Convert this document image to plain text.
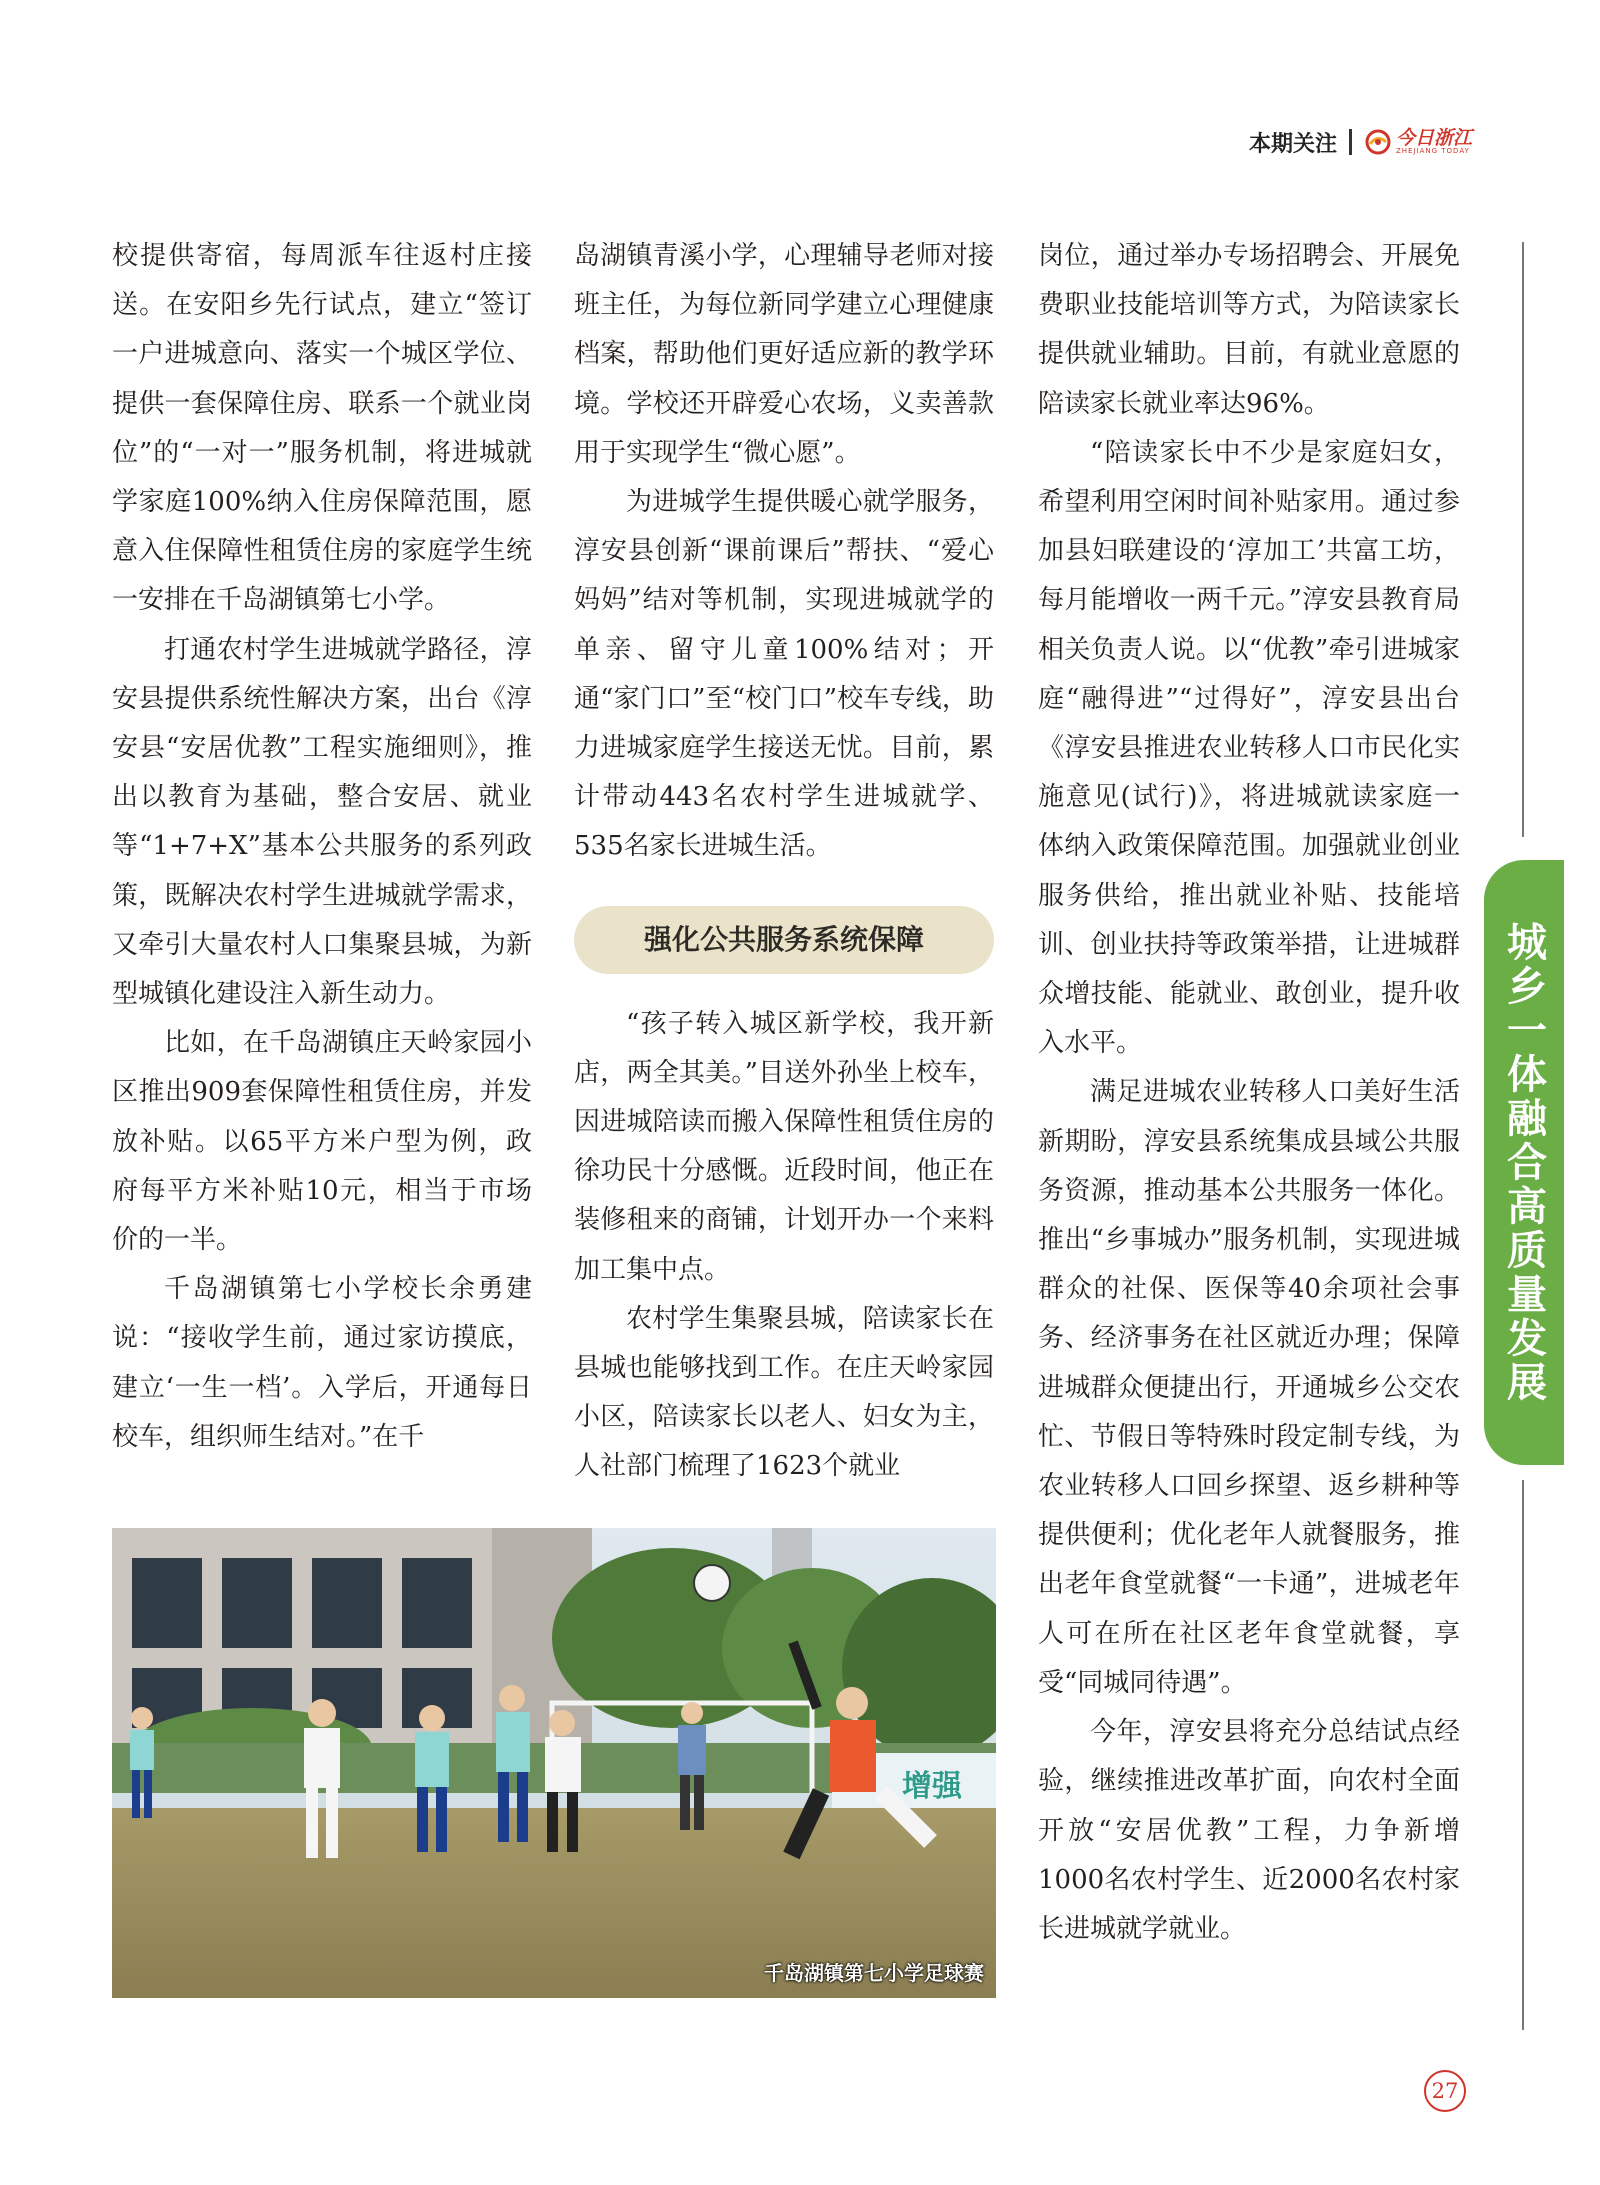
本期关注	今日浙江
ZHEJIANG TODAY

校提供寄宿，每周派车往返村庄接送。在安阳乡先行试点，建立“签订一户进城意向、落实一个城区学位、提供一套保障住房、联系一个就业岗位”的“一对一”服务机制，将进城就学家庭100%纳入住房保障范围，愿意入住保障性租赁住房的家庭学生统一安排在千岛湖镇第七小学。

打通农村学生进城就学路径，淳安县提供系统性解决方案，出台《淳安县“安居优教”工程实施细则》，推出以教育为基础，整合安居、就业等“1+7+X”基本公共服务的系列政策，既解决农村学生进城就学需求，又牵引大量农村人口集聚县城，为新型城镇化建设注入新生动力。

比如，在千岛湖镇庄天岭家园小区推出909套保障性租赁住房，并发放补贴。以65平方米户型为例，政府每平方米补贴10元，相当于市场价的一半。

千岛湖镇第七小学校长余勇建说：“接收学生前，通过家访摸底，建立‘一生一档’。入学后，开通每日校车，组织师生结对。”在千

岛湖镇青溪小学，心理辅导老师对接班主任，为每位新同学建立心理健康档案，帮助他们更好适应新的教学环境。学校还开辟爱心农场，义卖善款用于实现学生“微心愿”。

为进城学生提供暖心就学服务，淳安县创新“课前课后”帮扶、“爱心妈妈”结对等机制，实现进城就学的单亲、留守儿童100%结对；开通“家门口”至“校门口”校车专线，助力进城家庭学生接送无忧。目前，累计带动443名农村学生进城就学、535名家长进城生活。

强化公共服务系统保障

“孩子转入城区新学校，我开新店，两全其美。”目送外孙坐上校车，因进城陪读而搬入保障性租赁住房的徐功民十分感慨。近段时间，他正在装修租来的商铺，计划开办一个来料加工集中点。

农村学生集聚县城，陪读家长在县城也能够找到工作。在庄天岭家园小区，陪读家长以老人、妇女为主，人社部门梳理了1623个就业

岗位，通过举办专场招聘会、开展免费职业技能培训等方式，为陪读家长提供就业辅助。目前，有就业意愿的陪读家长就业率达96%。

“陪读家长中不少是家庭妇女，希望利用空闲时间补贴家用。通过参加县妇联建设的‘淳加工’共富工坊，每月能增收一两千元。”淳安县教育局相关负责人说。以“优教”牵引进城家庭“融得进”“过得好”，淳安县出台《淳安县推进农业转移人口市民化实施意见(试行)》，将进城就读家庭一体纳入政策保障范围。加强就业创业服务供给，推出就业补贴、技能培训、创业扶持等政策举措，让进城群众增技能、能就业、敢创业，提升收入水平。

满足进城农业转移人口美好生活新期盼，淳安县系统集成县域公共服务资源，推动基本公共服务一体化。推出“乡事城办”服务机制，实现进城群众的社保、医保等40余项社会事务、经济事务在社区就近办理；保障进城群众便捷出行，开通城乡公交农忙、节假日等特殊时段定制专线，为农业转移人口回乡探望、返乡耕种等提供便利；优化老年人就餐服务，推出老年食堂就餐“一卡通”，进城老年人可在所在社区老年食堂就餐，享受“同城同待遇”。

今年，淳安县将充分总结试点经验，继续推进改革扩面，向农村全面开放“安居优教”工程，力争新增1000名农村学生、近2000名农村家长进城就学就业。

增强
千岛湖镇第七小学足球赛
城乡一体融合高质量发展
27
